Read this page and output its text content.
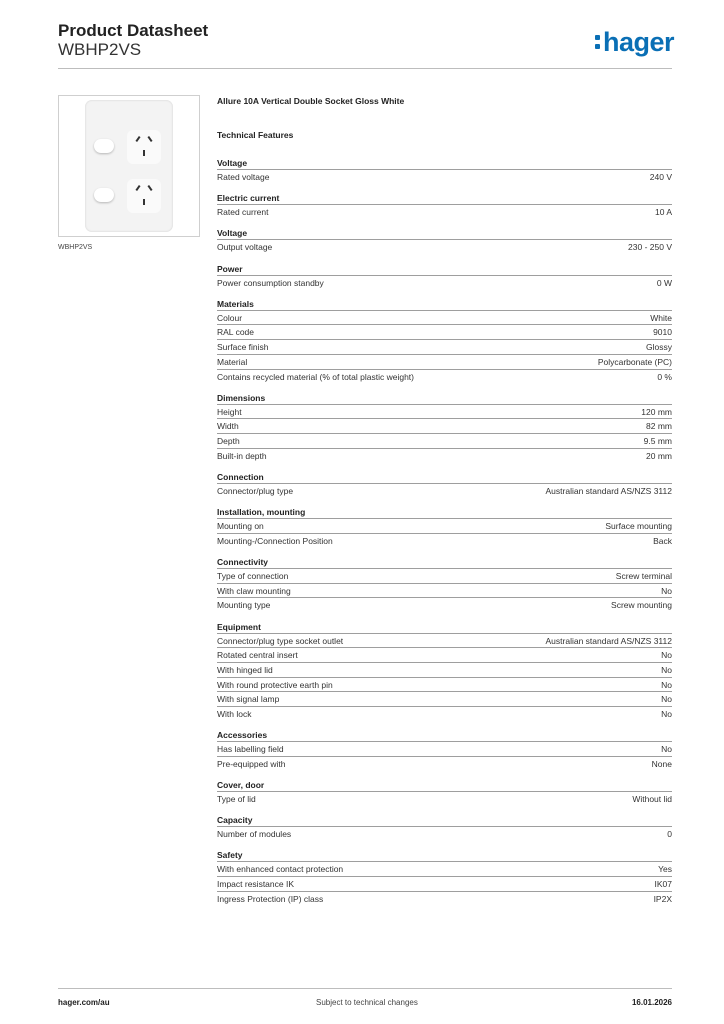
Product Datasheet
WBHP2VS	hager
WBHP2VS
Allure 10A Vertical Double Socket Gloss White
Technical Features
Voltage
Rated voltage	240 V
Electric current
Rated current	10 A
Voltage
Output voltage	230 - 250 V
Power
Power consumption standby	0 W
Materials
Colour	White
RAL code	9010
Surface finish	Glossy
Material	Polycarbonate (PC)
Contains recycled material (% of total plastic weight)	0 %
Dimensions
Height	120 mm
Width	82 mm
Depth	9.5 mm
Built-in depth	20 mm
Connection
Connector/plug type	Australian standard AS/NZS 3112
Installation, mounting
Mounting on	Surface mounting
Mounting-/Connection Position	Back
Connectivity
Type of connection	Screw terminal
With claw mounting	No
Mounting type	Screw mounting
Equipment
Connector/plug type socket outlet	Australian standard AS/NZS 3112
Rotated central insert	No
With hinged lid	No
With round protective earth pin	No
With signal lamp	No
With lock	No
Accessories
Has labelling field	No
Pre-equipped with	None
Cover, door
Type of lid	Without lid
Capacity
Number of modules	0
Safety
With enhanced contact protection	Yes
Impact resistance IK	IK07
Ingress Protection (IP) class	IP2X
hager.com/au	Subject to technical changes	16.01.2026
